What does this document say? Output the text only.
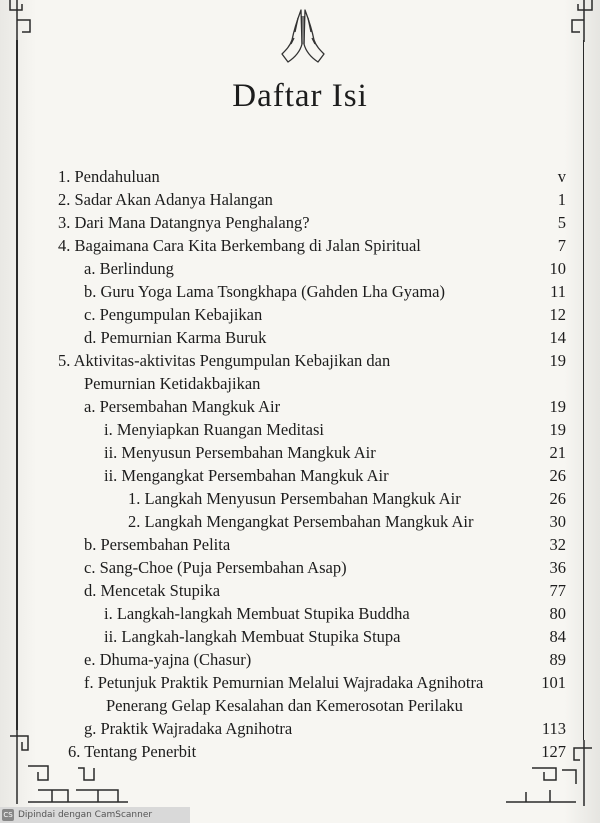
Daftar Isi
1. Pendahuluan	v
2. Sadar Akan Adanya Halangan	1
3. Dari Mana Datangnya Penghalang?	5
4. Bagaimana Cara Kita Berkembang di Jalan Spiritual	7
a. Berlindung	10
b. Guru Yoga Lama Tsongkhapa (Gahden Lha Gyama)	11
c. Pengumpulan Kebajikan	12
d. Pemurnian Karma Buruk	14
5. Aktivitas-aktivitas Pengumpulan Kebajikan dan	19
Pemurnian Ketidakbajikan
a. Persembahan Mangkuk Air	19
i. Menyiapkan Ruangan Meditasi	19
ii. Menyusun Persembahan Mangkuk Air	21
ii. Mengangkat Persembahan Mangkuk Air	26
1. Langkah Menyusun Persembahan Mangkuk Air	26
2. Langkah Mengangkat Persembahan Mangkuk Air	30
b. Persembahan Pelita	32
c. Sang-Choe (Puja Persembahan Asap)	36
d. Mencetak Stupika	77
i. Langkah-langkah Membuat Stupika Buddha	80
ii. Langkah-langkah Membuat Stupika Stupa	84
e. Dhuma-yajna (Chasur)	89
f. Petunjuk Praktik Pemurnian Melalui Wajradaka Agnihotra	101
Penerang Gelap Kesalahan dan Kemerosotan Perilaku
g. Praktik Wajradaka Agnihotra	113
6. Tentang Penerbit	127
CS Dipindai dengan CamScanner
